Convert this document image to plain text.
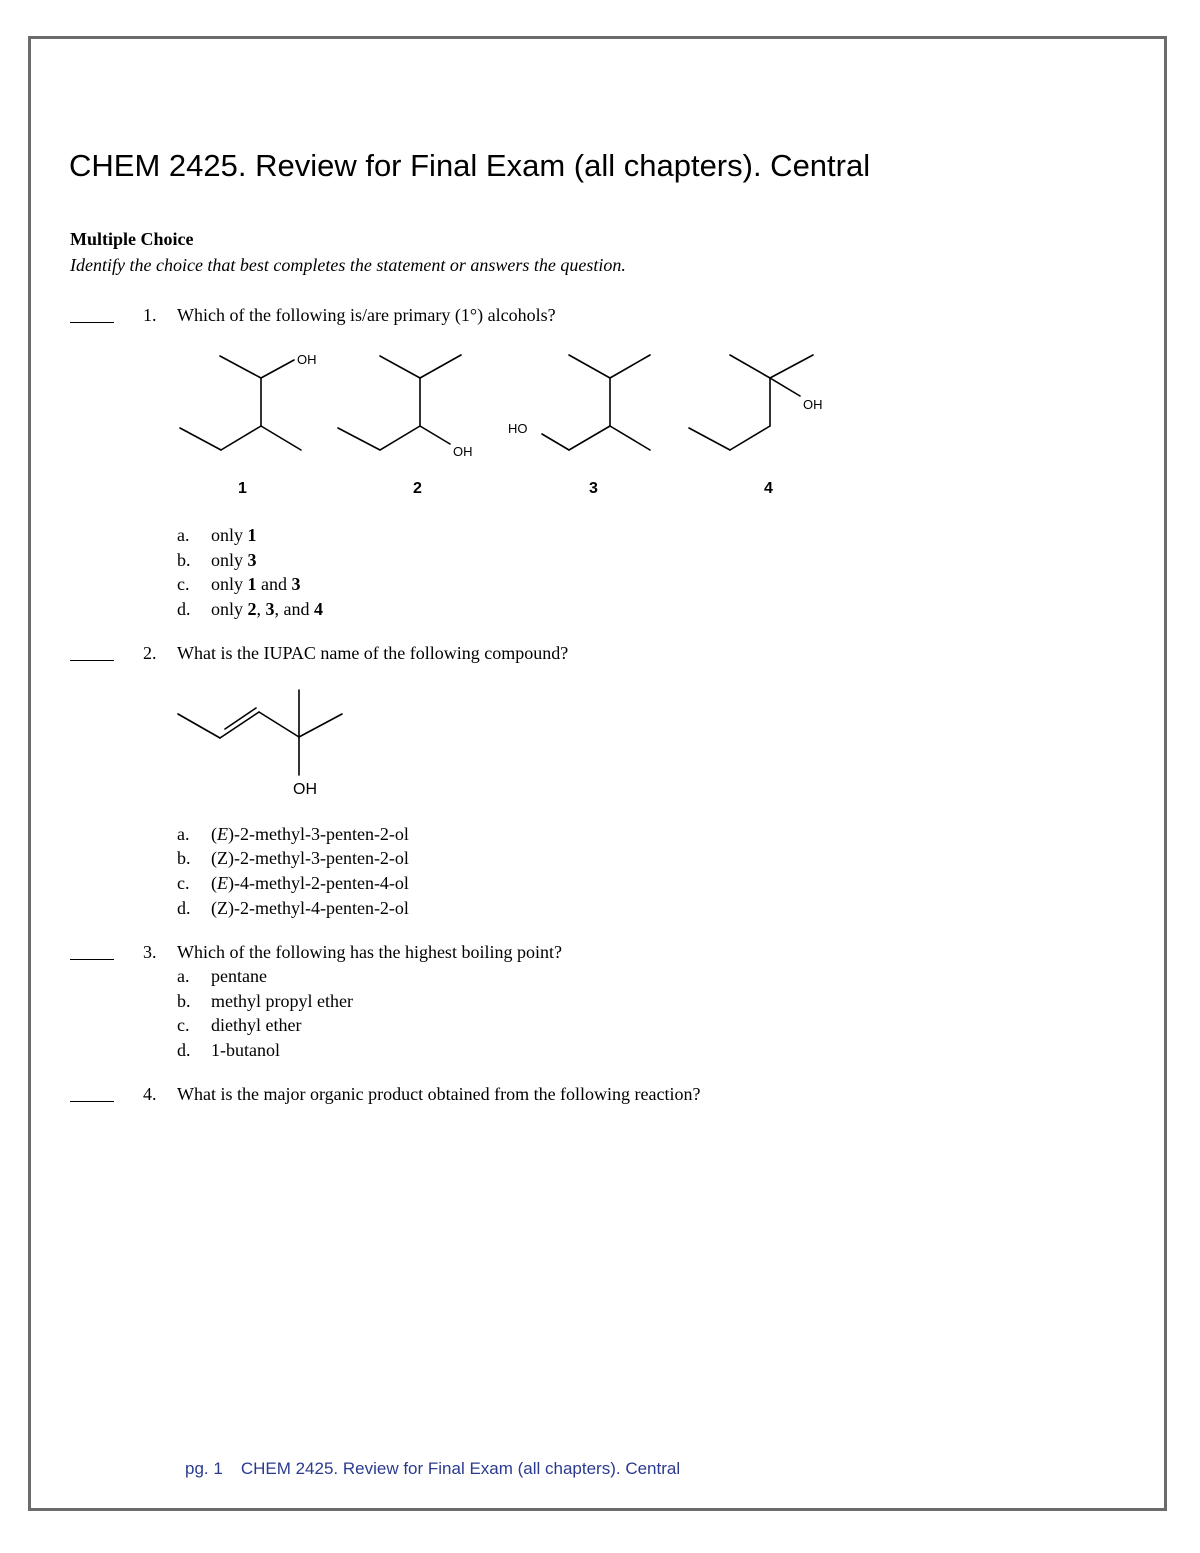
CHEM 2425. Review for Final Exam (all chapters). Central
Multiple Choice
Identify the choice that best completes the statement or answers the question.
1. Which of the following is/are primary (1°) alcohols?
OH
OH
HO
OH
1	2	3	4
a. only 1
b. only 3
c. only 1 and 3
d. only 2, 3, and 4
2. What is the IUPAC name of the following compound?
OH
a. (E)-2-methyl-3-penten-2-ol
b. (Z)-2-methyl-3-penten-2-ol
c. (E)-4-methyl-2-penten-4-ol
d. (Z)-2-methyl-4-penten-2-ol
3. Which of the following has the highest boiling point?
a. pentane
b. methyl propyl ether
c. diethyl ether
d. 1-butanol
4. What is the major organic product obtained from the following reaction?
pg. 1 CHEM 2425. Review for Final Exam (all chapters). Central
